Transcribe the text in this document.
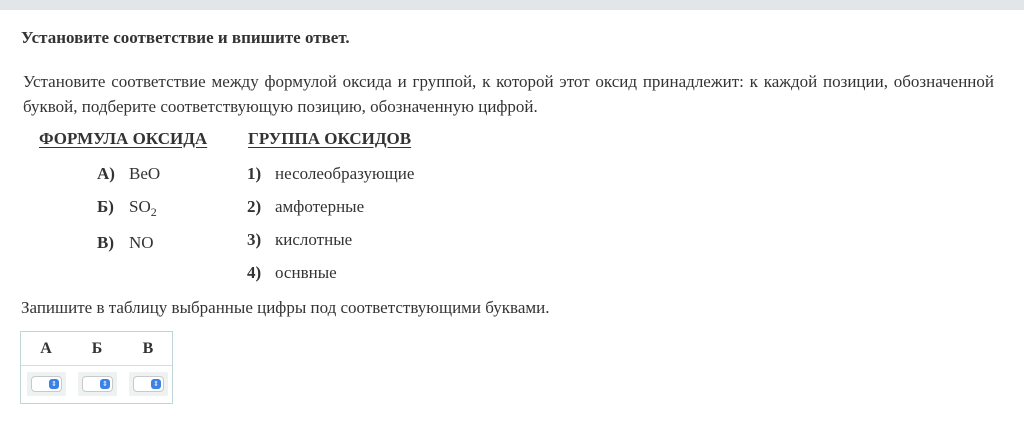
Установите соответствие и впишите ответ.
Установите соответствие между формулой оксида и группой, к которой этот оксид принадлежит: к каждой позиции, обозначенной буквой, подберите соответствующую позицию, обозначенную цифрой.
ФОРМУЛА ОКСИДА ГРУППА ОКСИДОВ
А) BeO
Б) $SO_2$
В) NO
1) несолеобразующие
2) амфотерные
3) кислотные
4) оснвные
Запишите в таблицу выбранные цифры под соответствующими буквами.
А	Б	В
⇕	⇕	⇕
